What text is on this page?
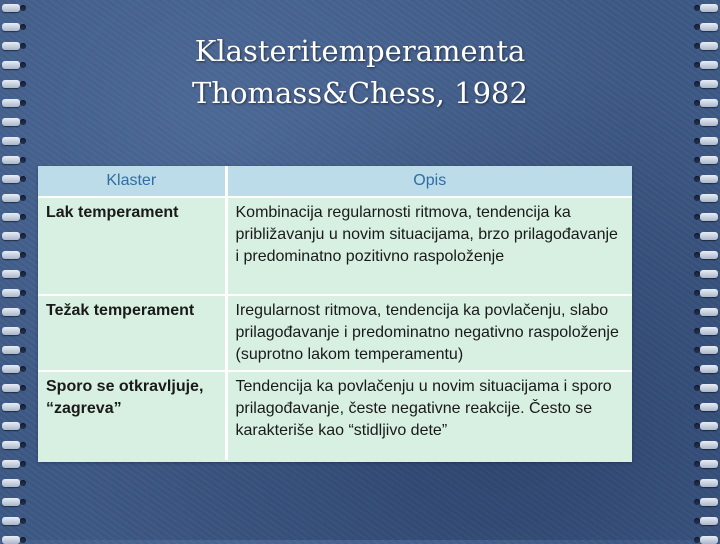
Klasteritemperamenta
Thomass&Chess, 1982
Klaster	Opis
Lak temperament	Kombinacija regularnosti ritmova, tendencija ka približavanju u novim situacijama, brzo prilagođavanje i predominatno pozitivno raspoloženje
Težak temperament	Iregularnost ritmova, tendencija ka povlačenju, slabo prilagođavanje i predominatno negativno raspoloženje (suprotno lakom temperamentu)
Sporo se otkravljuje, “zagreva”	Tendencija ka povlačenju u novim situacijama i sporo prilagođavanje, česte negativne reakcije. Često se karakteriše kao “stidljivo dete”
